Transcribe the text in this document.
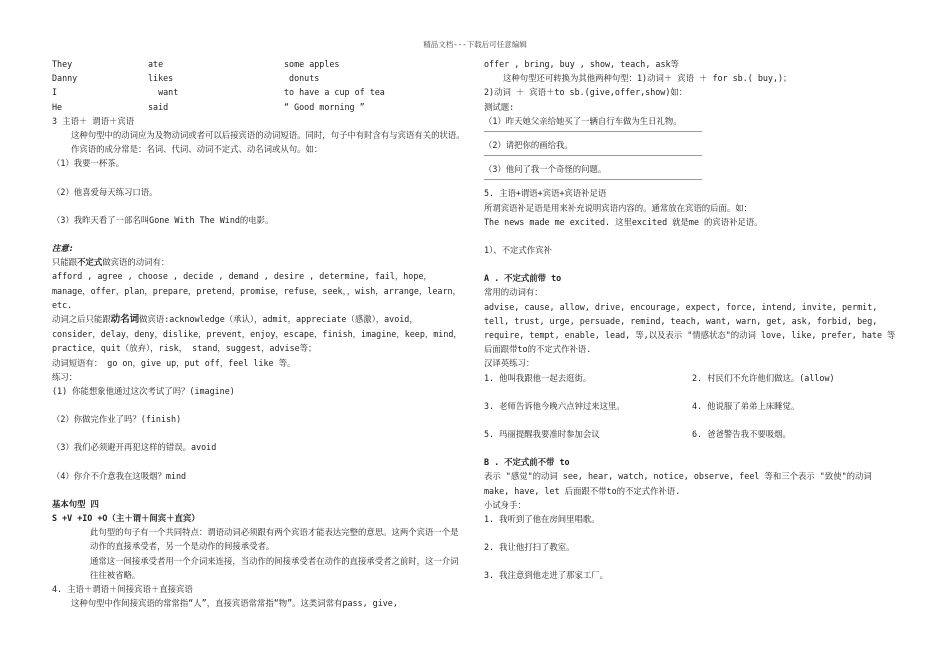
精品文档---下载后可任意编辑
They	ate	some apples
Danny	likes	donuts
I	want	to have a cup of tea
He	said	“ Good morning ”

3 主语＋ 谓语＋宾语

这种句型中的动词应为及物动词或者可以后接宾语的动词短语。同时，句子中有时含有与宾语有关的状语。作宾语的成分常是：名词、代词、动词不定式、动名词或从句。如：

（1）我要一杯茶。

（2）他喜爱每天练习口语。

（3）我昨天看了一部名叫Gone With The Wind的电影。

注意:

只能跟不定式做宾语的动词有：

afford , agree , choose , decide , demand , desire , determine, fail，hope，manage，offer，plan，prepare，pretend，promise，refuse，seek，，wish，arrange，learn，etc.

动词之后只能跟动名词做宾语:acknowledge（承认），admit，appreciate（感激），avoid，consider，delay，deny，dislike，prevent，enjoy，escape，finish，imagine，keep，mind，practice，quit（放弃），risk， stand，suggest，advise等；

动词短语有： go on，give up，put off，feel like 等。

练习：

(1) 你能想象他通过这次考试了吗？(imagine)

（2）你做完作业了吗？(finish)

（3）我们必须避开再犯这样的错误。avoid

（4）你介不介意我在这吸烟？mind

基本句型 四

S +V +IO +O（主＋谓＋间宾＋直宾）

此句型的句子有一个共同特点：谓语动词必须跟有两个宾语才能表达完整的意思。这两个宾语一个是动作的直接承受者，另一个是动作的间接承受者。

通常这一间接承受者用一个介词来连接，当动作的间接承受者在动作的直接承受者之前时，这一介词往往被省略。

4. 主语＋谓语＋间接宾语＋直接宾语

这种句型中作间接宾语的常常指“人”，直接宾语常常指“物”。这类词常有pass, give,

offer , bring, buy , show, teach, ask等

这种句型还可转换为其他两种句型：1)动词＋ 宾语 ＋ for sb.( buy,)；

2)动词 ＋ 宾语＋to sb.(give,offer,show)如：

测试题:

（1）昨天她父亲给她买了一辆自行车做为生日礼物。

（2）请把你的画给我。

（3）他问了我一个奇怪的问题。

5. 主语+谓语+宾语+宾语补足语

所谓宾语补足语是用来补充说明宾语内容的。通常放在宾语的后面。如：

The news made me excited. 这里excited 就是me 的宾语补足语。

1）、不定式作宾补

A . 不定式前带 to

常用的动词有：

advise, cause, allow, drive, encourage, expect, force, intend, invite, permit, tell, trust, urge, persuade, remind, teach, want, warn, get, ask, forbid, beg, require, tempt, enable, lead, 等,以及表示 "情感状态"的动词 love, like, prefer, hate 等后面跟带to的不定式作补语.

汉译英练习：

1. 他叫我跟他一起去逛街。	2. 村民们不允许他们做这。(allow)
3. 老师告诉他今晚六点钟过来这里。	4. 他说服了弟弟上床睡觉。
5. 玛丽提醒我要准时参加会议	6. 爸爸警告我不要吸烟。

B . 不定式前不带 to

表示 "感觉"的动词 see, hear, watch, notice, observe, feel 等和三个表示 "致使"的动词 make, have, let 后面跟不带to的不定式作补语.

小试身手：

1. 我听到了他在房间里唱歌。

2. 我让他打扫了教室。

3. 我注意到他走进了那家工厂。
